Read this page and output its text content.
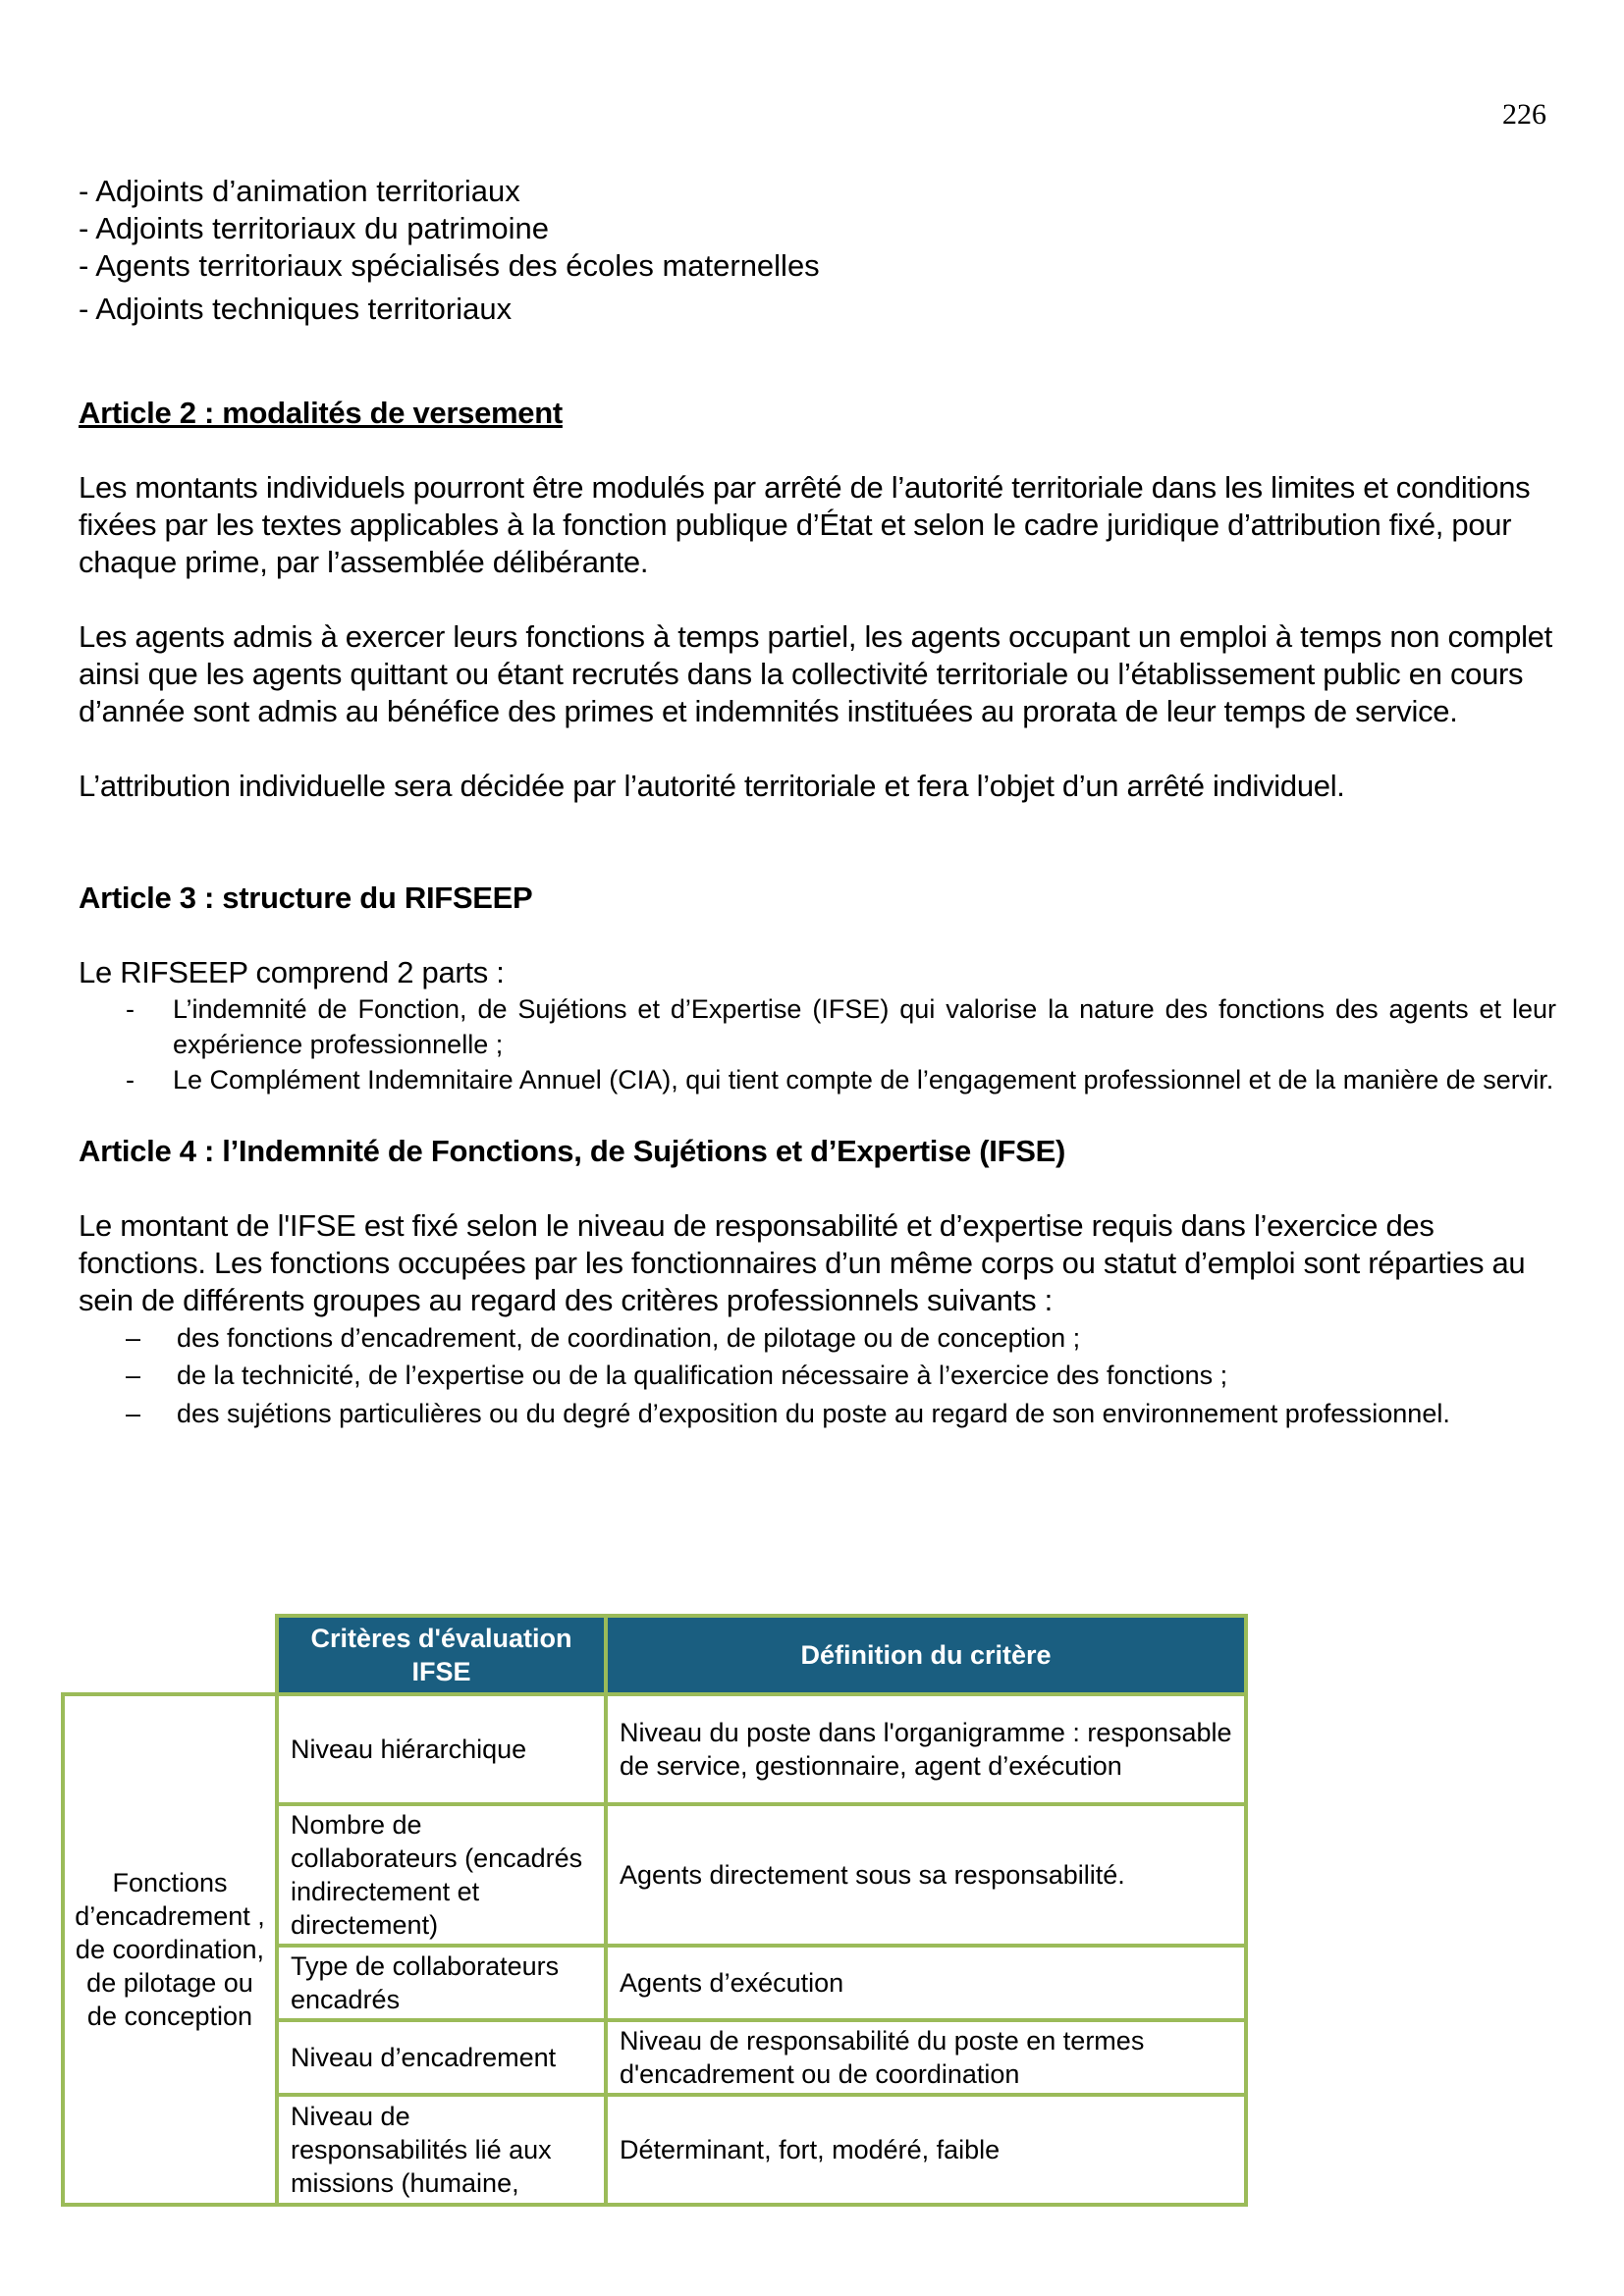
226
- Adjoints d’animation territoriaux
- Adjoints territoriaux du patrimoine
- Agents territoriaux spécialisés des écoles maternelles
- Adjoints techniques territoriaux
Article 2 : modalités de versement

Les montants individuels pourront être modulés par arrêté de l’autorité territoriale dans les limites et conditions fixées par les textes applicables à la fonction publique d’État et selon le cadre juridique d’attribution fixé, pour chaque prime, par l’assemblée délibérante.

Les agents admis à exercer leurs fonctions à temps partiel, les agents occupant un emploi à temps non complet ainsi que les agents quittant ou étant recrutés dans la collectivité territoriale ou l’établissement public en cours d’année sont admis au bénéfice des primes et indemnités instituées au prorata de leur temps de service.

L’attribution individuelle sera décidée par l’autorité territoriale et fera l’objet d’un arrêté individuel.

Article 3 : structure du RIFSEEP

Le RIFSEEP comprend 2 parts :

- L’indemnité de Fonction, de Sujétions et d’Expertise (IFSE) qui valorise la nature des fonctions des agents et leur expérience professionnelle ;
- Le Complément Indemnitaire Annuel (CIA), qui tient compte de l’engagement professionnel et de la manière de servir.
Article 4 : l’Indemnité de Fonctions, de Sujétions et d’Expertise (IFSE)

Le montant de l'IFSE est fixé selon le niveau de responsabilité et d’expertise requis dans l’exercice des fonctions. Les fonctions occupées par les fonctionnaires d’un même corps ou statut d’emploi sont réparties au sein de différents groupes au regard des critères professionnels suivants :

– des fonctions d’encadrement, de coordination, de pilotage ou de conception ;
– de la technicité, de l’expertise ou de la qualification nécessaire à l’exercice des fonctions ;
– des sujétions particulières ou du degré d’exposition du poste au regard de son environnement professionnel.
	Critères d'évaluation IFSE	Définition du critère
Fonctions d’encadrement , de coordination, de pilotage ou de conception	Niveau hiérarchique	Niveau du poste dans l'organigramme : responsable de service, gestionnaire, agent d’exécution
	Nombre de collaborateurs (encadrés indirectement et directement)	Agents directement sous sa responsabilité.
	Type de collaborateurs encadrés	Agents d’exécution
	Niveau d’encadrement	Niveau de responsabilité du poste en termes d'encadrement ou de coordination
	Niveau de responsabilités lié aux missions (humaine,	Déterminant, fort, modéré, faible
